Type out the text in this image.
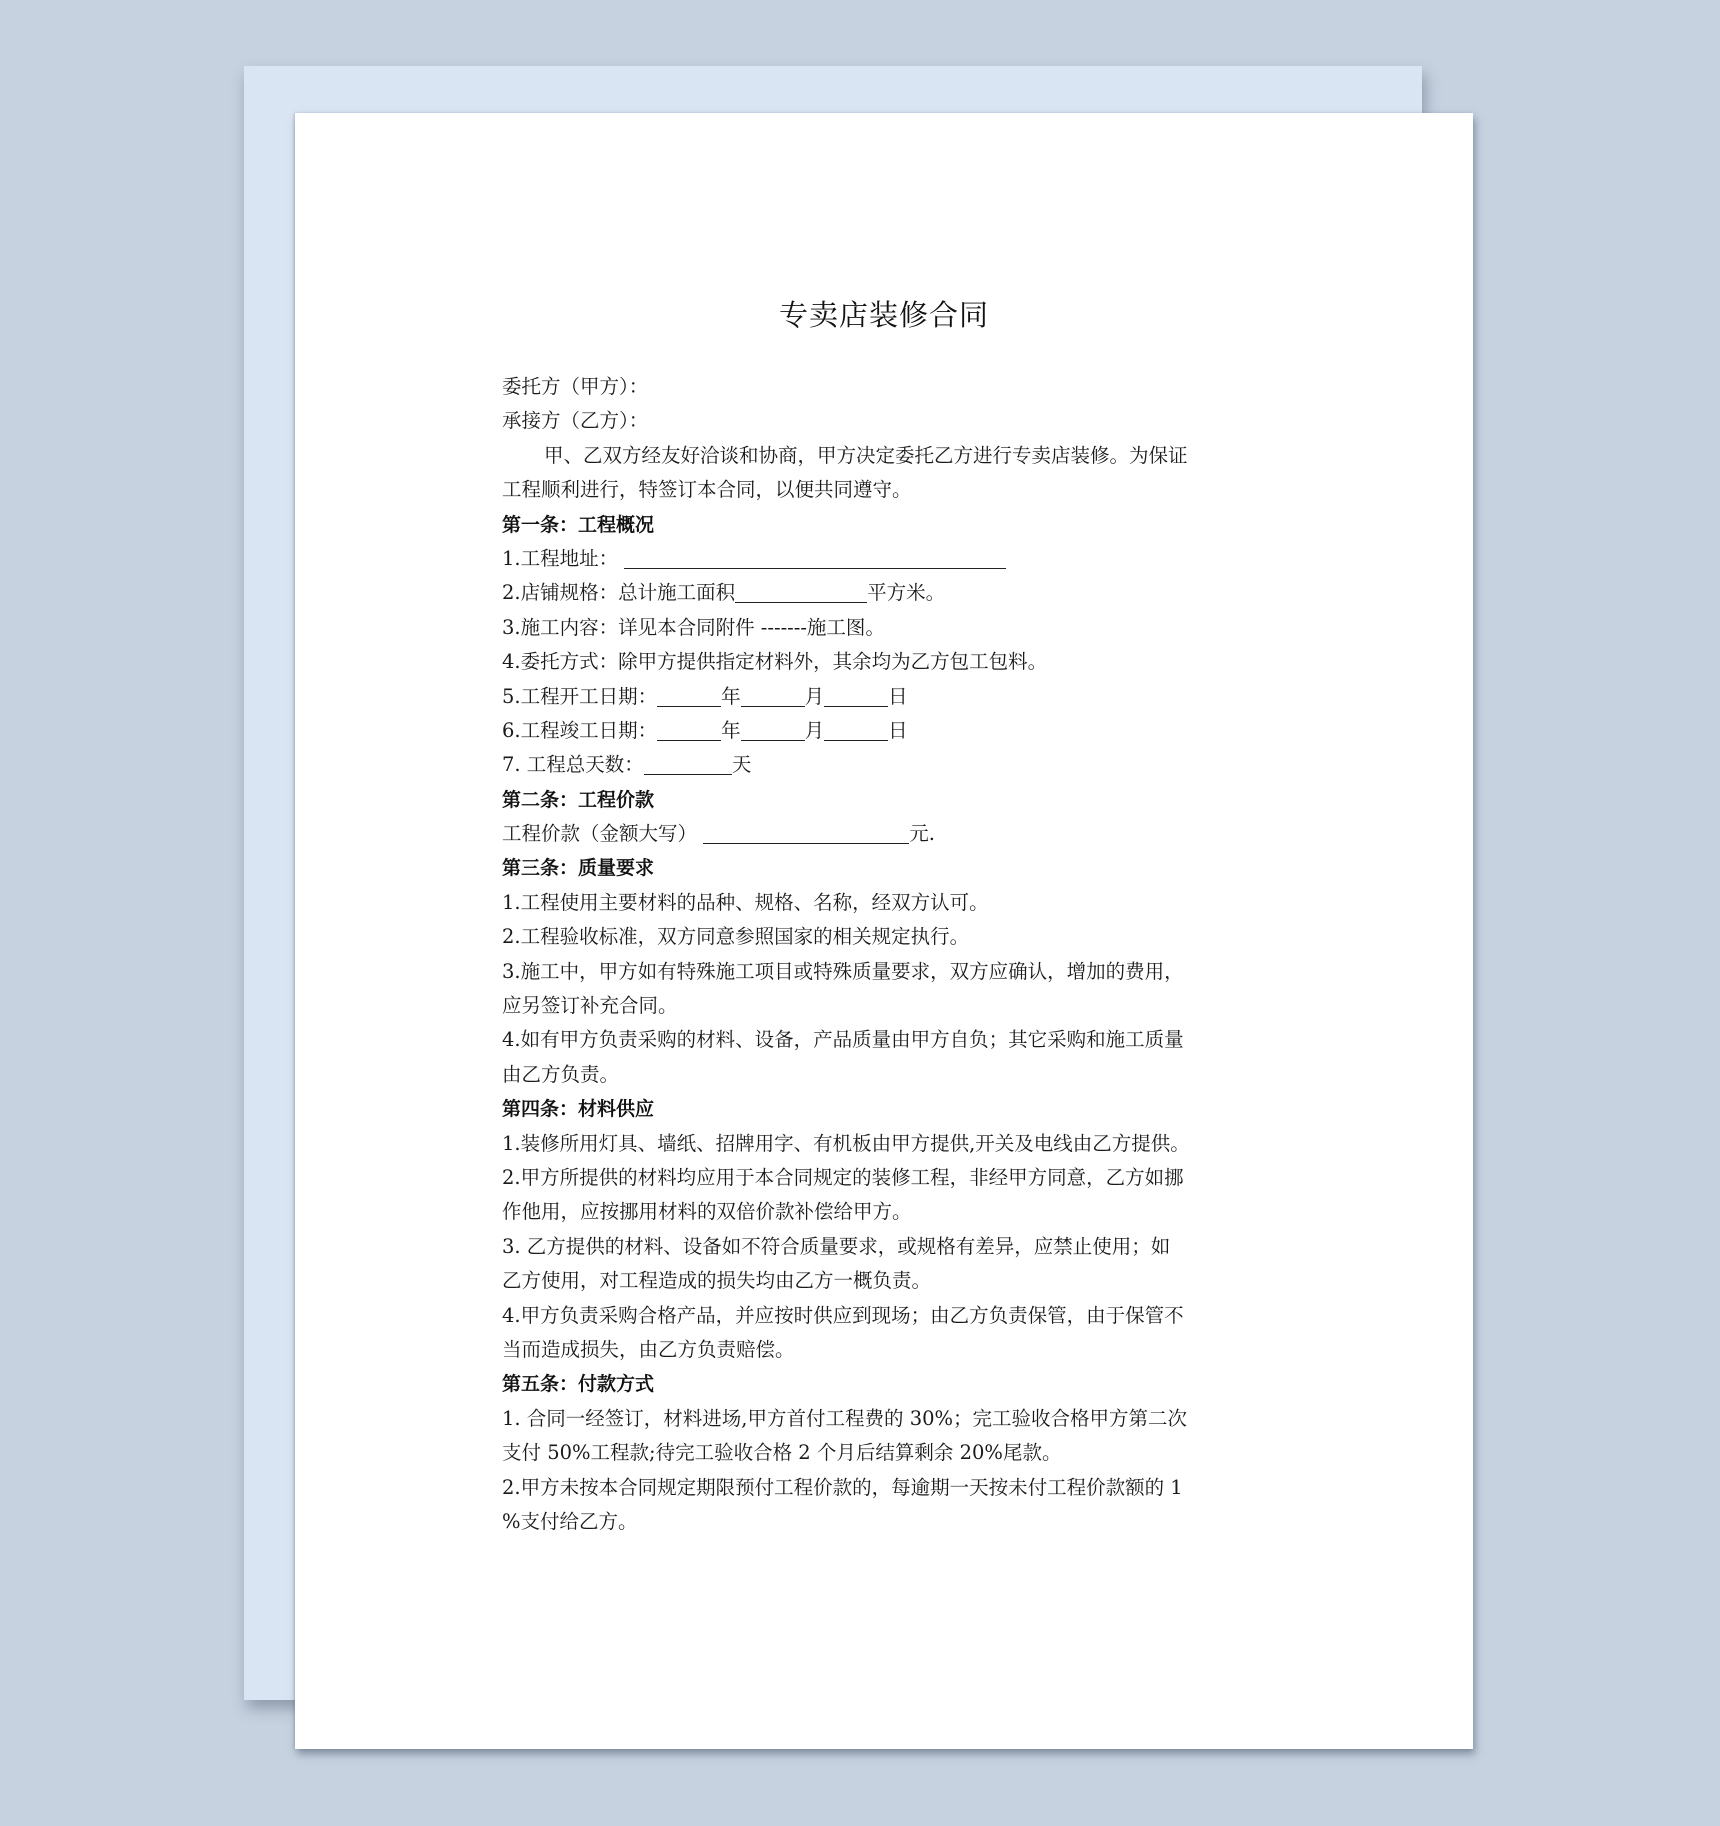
专卖店装修合同
委托方（甲方）：
承接方（乙方）：
甲、乙双方经友好洽谈和协商，甲方决定委托乙方进行专卖店装修。为保证
工程顺利进行，特签订本合同，以便共同遵守。
第一条：工程概况
1.工程地址：
2.店铺规格：总计施工面积	平方米。
3.施工内容：详见本合同附件 -------施工图。
4.委托方式：除甲方提供指定材料外，其余均为乙方包工包料。
5.工程开工日期：	年	月	日
6.工程竣工日期：	年	月	日
7. 工程总天数：	天
第二条：工程价款
工程价款（金额大写）	元.
第三条：质量要求
1.工程使用主要材料的品种、规格、名称，经双方认可。
2.工程验收标准，双方同意参照国家的相关规定执行。
3.施工中，甲方如有特殊施工项目或特殊质量要求，双方应确认，增加的费用，
应另签订补充合同。
4.如有甲方负责采购的材料、设备，产品质量由甲方自负；其它采购和施工质量
由乙方负责。
第四条：材料供应
1.装修所用灯具、墙纸、招牌用字、有机板由甲方提供,开关及电线由乙方提供。
2.甲方所提供的材料均应用于本合同规定的装修工程，非经甲方同意，乙方如挪
作他用，应按挪用材料的双倍价款补偿给甲方。
3. 乙方提供的材料、设备如不符合质量要求，或规格有差异，应禁止使用；如
乙方使用，对工程造成的损失均由乙方一概负责。
4.甲方负责采购合格产品，并应按时供应到现场；由乙方负责保管，由于保管不
当而造成损失，由乙方负责赔偿。
第五条：付款方式
1. 合同一经签订，材料进场,甲方首付工程费的 30%；完工验收合格甲方第二次
支付 50%工程款;待完工验收合格 2 个月后结算剩余 20%尾款。
2.甲方未按本合同规定期限预付工程价款的，每逾期一天按未付工程价款额的 1
%支付给乙方。
